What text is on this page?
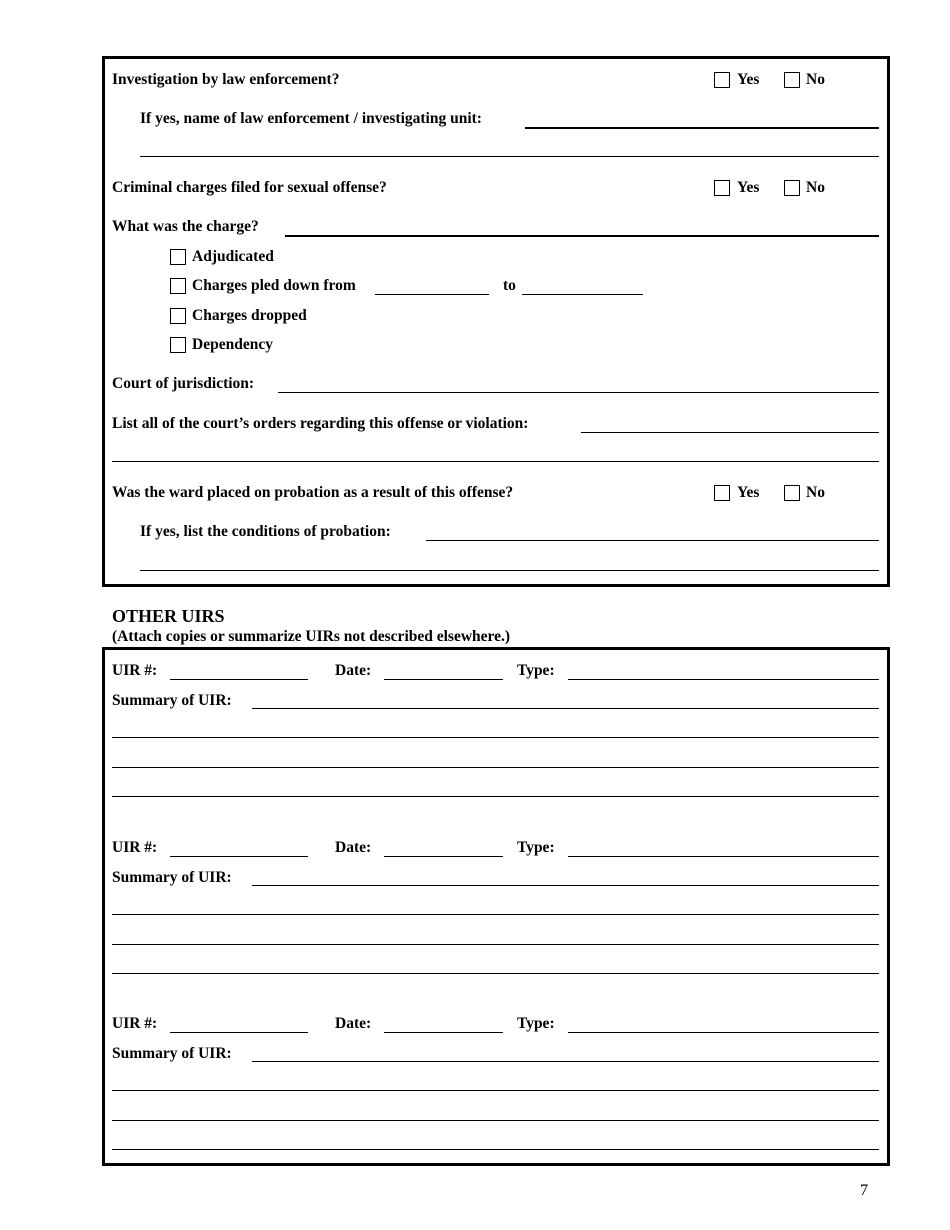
Investigation by law enforcement?	Yes	No
If yes, name of law enforcement / investigating unit:
Criminal charges filed for sexual offense?	Yes	No
What was the charge?
Adjudicated
Charges pled down from	to
Charges dropped
Dependency
Court of jurisdiction:
List all of the court’s orders regarding this offense or violation:
Was the ward placed on probation as a result of this offense?	Yes	No
If yes, list the conditions of probation:
OTHER UIRS
(Attach copies or summarize UIRs not described elsewhere.)
UIR #:	Date:	Type:
Summary of UIR:
UIR #:	Date:	Type:
Summary of UIR:
UIR #:	Date:	Type:
Summary of UIR:
7
